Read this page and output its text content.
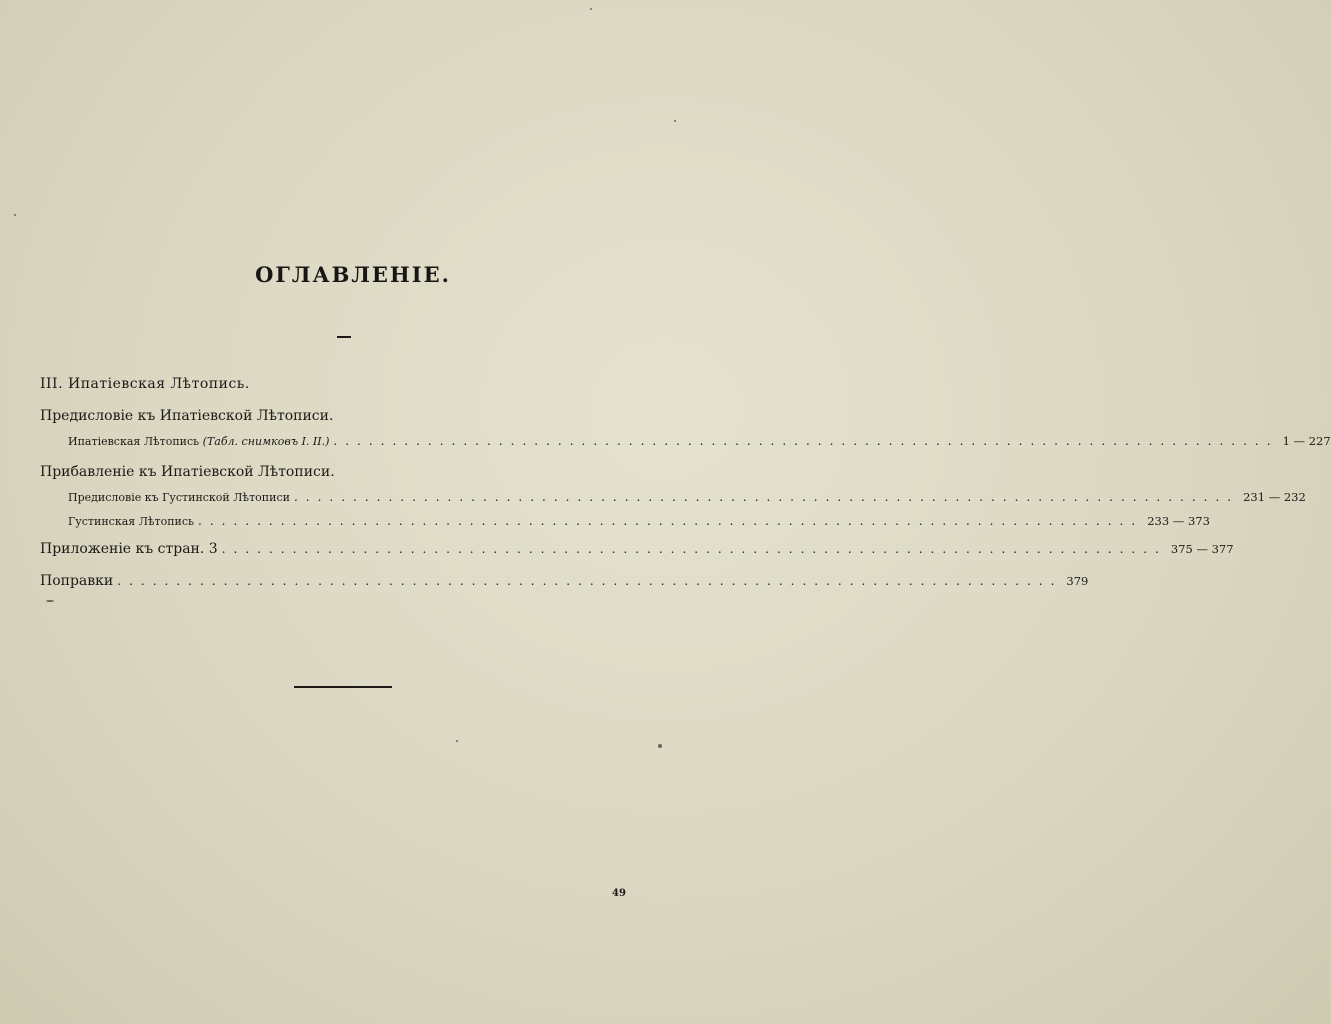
ОГЛАВЛЕНІЕ.
III. Ипатіевская Лѣтопись.
Предисловіе къ Ипатіевской Лѣтописи.
Ипатіевская Лѣтопись (Табл. снимковъ I. II.) ................................................................................ 1 — 227
Прибавленіе къ Ипатіевской Лѣтописи.
Предисловіе къ Густинской Лѣтописи ................................................................................ 231 — 232
Густинская Лѣтопись ................................................................................ 233 — 373
Приложеніе къ стран. 3 ................................................................................ 375 — 377
Поправки ................................................................................ 379
49
